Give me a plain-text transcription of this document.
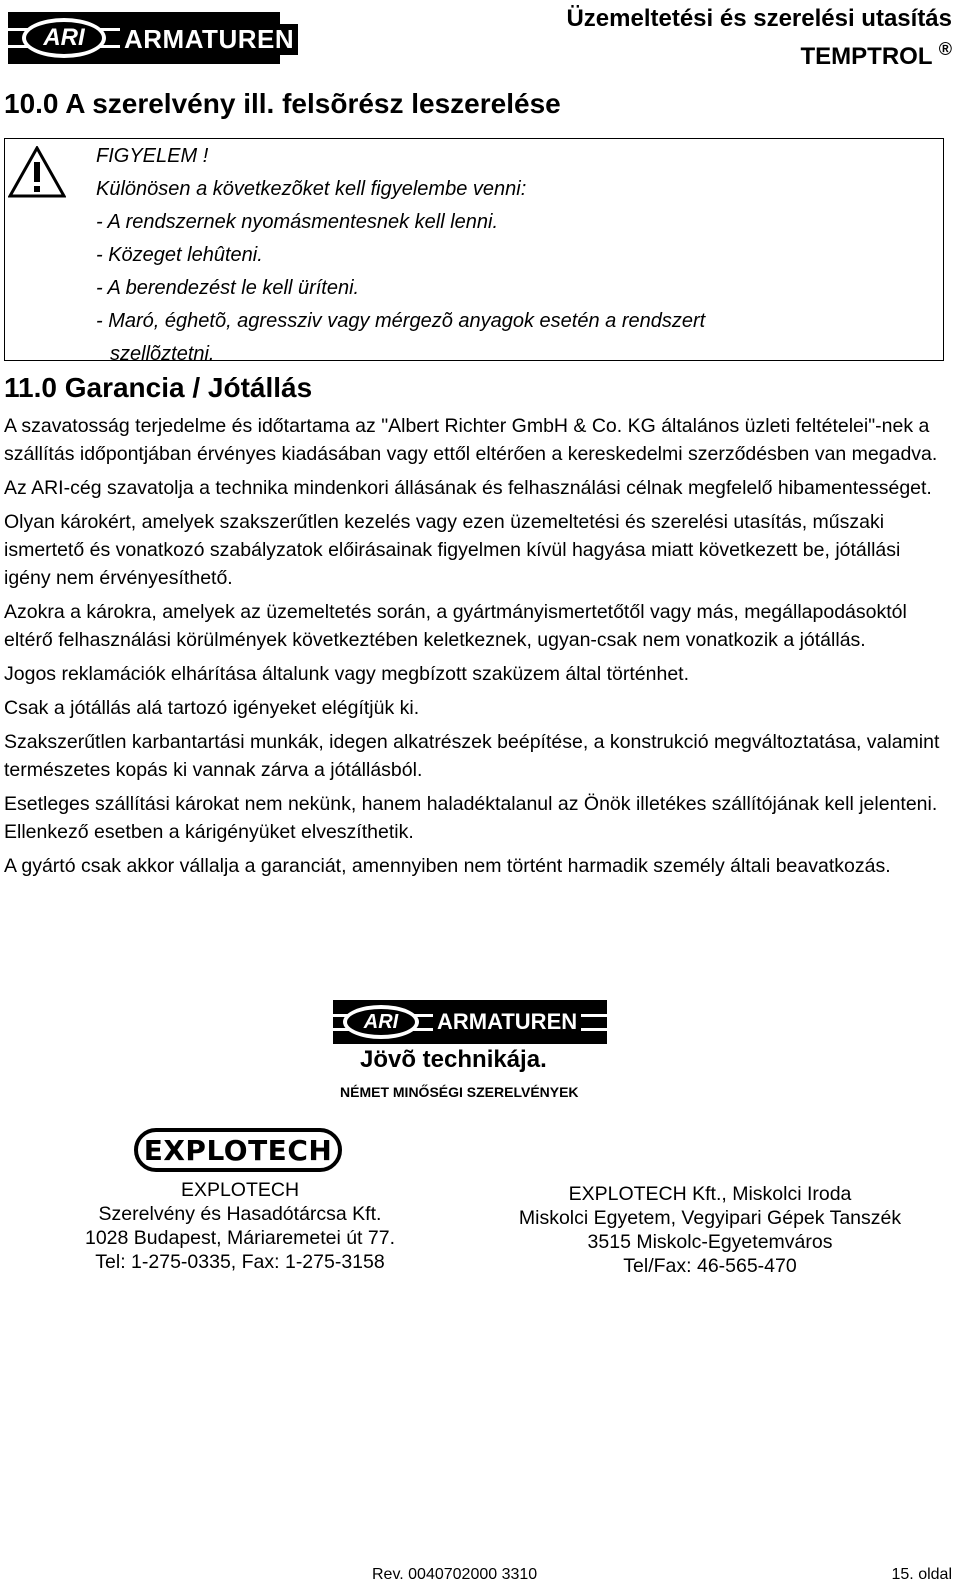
ARI	ARMATUREN
Üzemeltetési és szerelési utasítás
TEMPTROL ®
10.0 A szerelvény ill. felsõrész leszerelése
FIGYELEM !
Különösen a következõket kell figyelembe venni:
- A rendszernek nyomásmentesnek kell lenni.
- Közeget lehûteni.
- A berendezést le kell üríteni.
- Maró, éghetõ, agressziv vagy mérgezõ anyagok esetén a rendszert
szellõztetni.
11.0 Garancia / Jótállás

A szavatosság terjedelme és időtartama az "Albert Richter GmbH & Co. KG általános üzleti feltételei"-nek a szállítás időpontjában érvényes kiadásában vagy ettől eltérően a kereskedelmi szerződésben van megadva.

Az ARI-cég szavatolja a technika mindenkori állásának és felhasználási célnak megfelelő hibamentességet.

Olyan károkért, amelyek szakszerűtlen kezelés vagy ezen üzemeltetési és szerelési utasítás, műszaki ismertető és vonatkozó szabályzatok előirásainak figyelmen kívül hagyása miatt következett be, jótállási igény nem érvényesíthető.

Azokra a károkra, amelyek az üzemeltetés során, a gyártmányismertetőtől vagy más, megállapodásoktól eltérő felhasználási körülmények következtében keletkeznek, ugyan-csak nem vonatkozik a jótállás.

Jogos reklamációk elhárítása általunk vagy megbízott szaküzem által történhet.

Csak a jótállás alá tartozó igényeket elégítjük ki.

Szakszerűtlen karbantartási munkák, idegen alkatrészek beépítése, a konstrukció megváltoztatása, valamint természetes kopás ki vannak zárva a jótállásból.

Esetleges szállítási károkat nem nekünk, hanem haladéktalanul az Önök illetékes szállítójának kell jelenteni. Ellenkező esetben a kárigényüket elveszíthetik.

A gyártó csak akkor vállalja a garanciát, amennyiben nem történt harmadik személy általi beavatkozás.

ARI	ARMATUREN
Jövõ technikája.
NÉMET MINŐSÉGI SZERELVÉNYEK
EXPLOTECH
EXPLOTECH
Szerelvény és Hasadótárcsa Kft.
1028 Budapest, Máriaremetei út 77.
Tel: 1-275-0335, Fax: 1-275-3158
EXPLOTECH Kft., Miskolci Iroda
Miskolci Egyetem, Vegyipari Gépek Tanszék
3515 Miskolc-Egyetemváros
Tel/Fax: 46-565-470
Rev. 0040702000 3310	15. oldal
